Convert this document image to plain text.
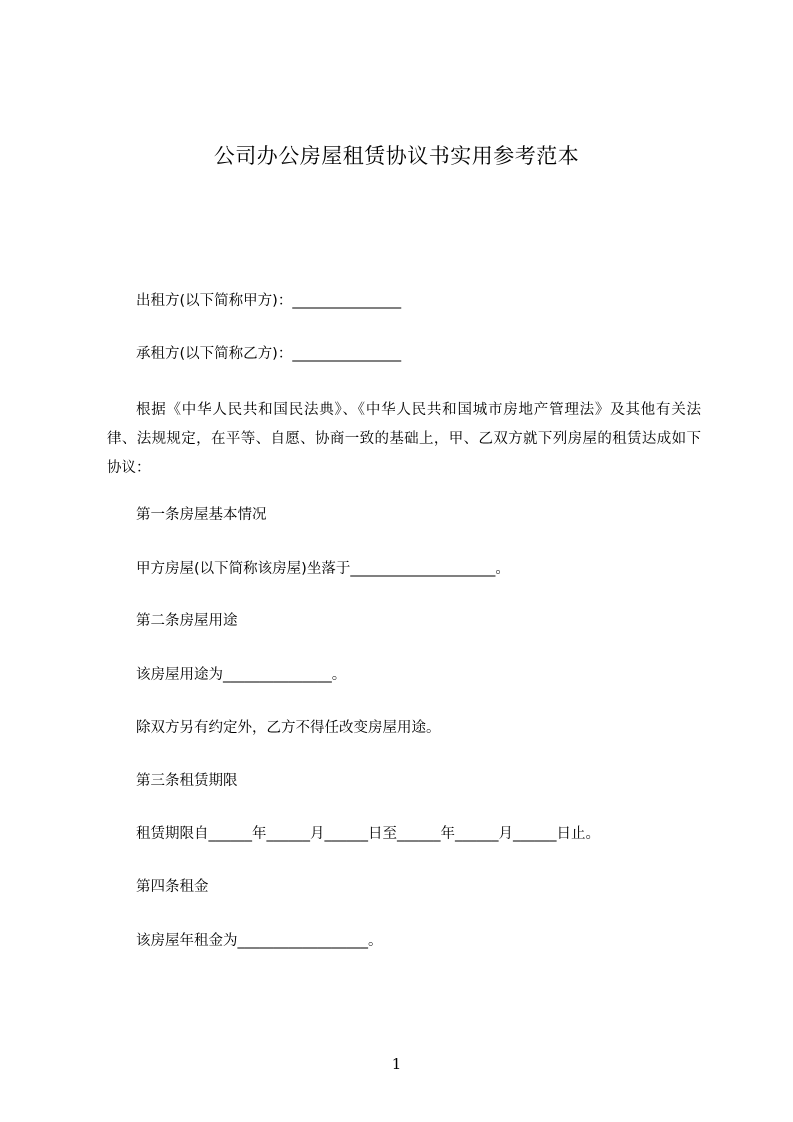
公司办公房屋租赁协议书实用参考范本
出租方(以下简称甲方)：_______________
承租方(以下简称乙方)：_______________
根据《中华人民共和国民法典》、《中华人民共和国城市房地产管理法》及其他有关法律、法规规定，在平等、自愿、协商一致的基础上，甲、乙双方就下列房屋的租赁达成如下协议：
第一条房屋基本情况
甲方房屋(以下简称该房屋)坐落于____________________。
第二条房屋用途
该房屋用途为_______________。
除双方另有约定外，乙方不得任改变房屋用途。
第三条租赁期限
租赁期限自______年______月______日至______年______月______日止。
第四条租金
该房屋年租金为__________________。
1
